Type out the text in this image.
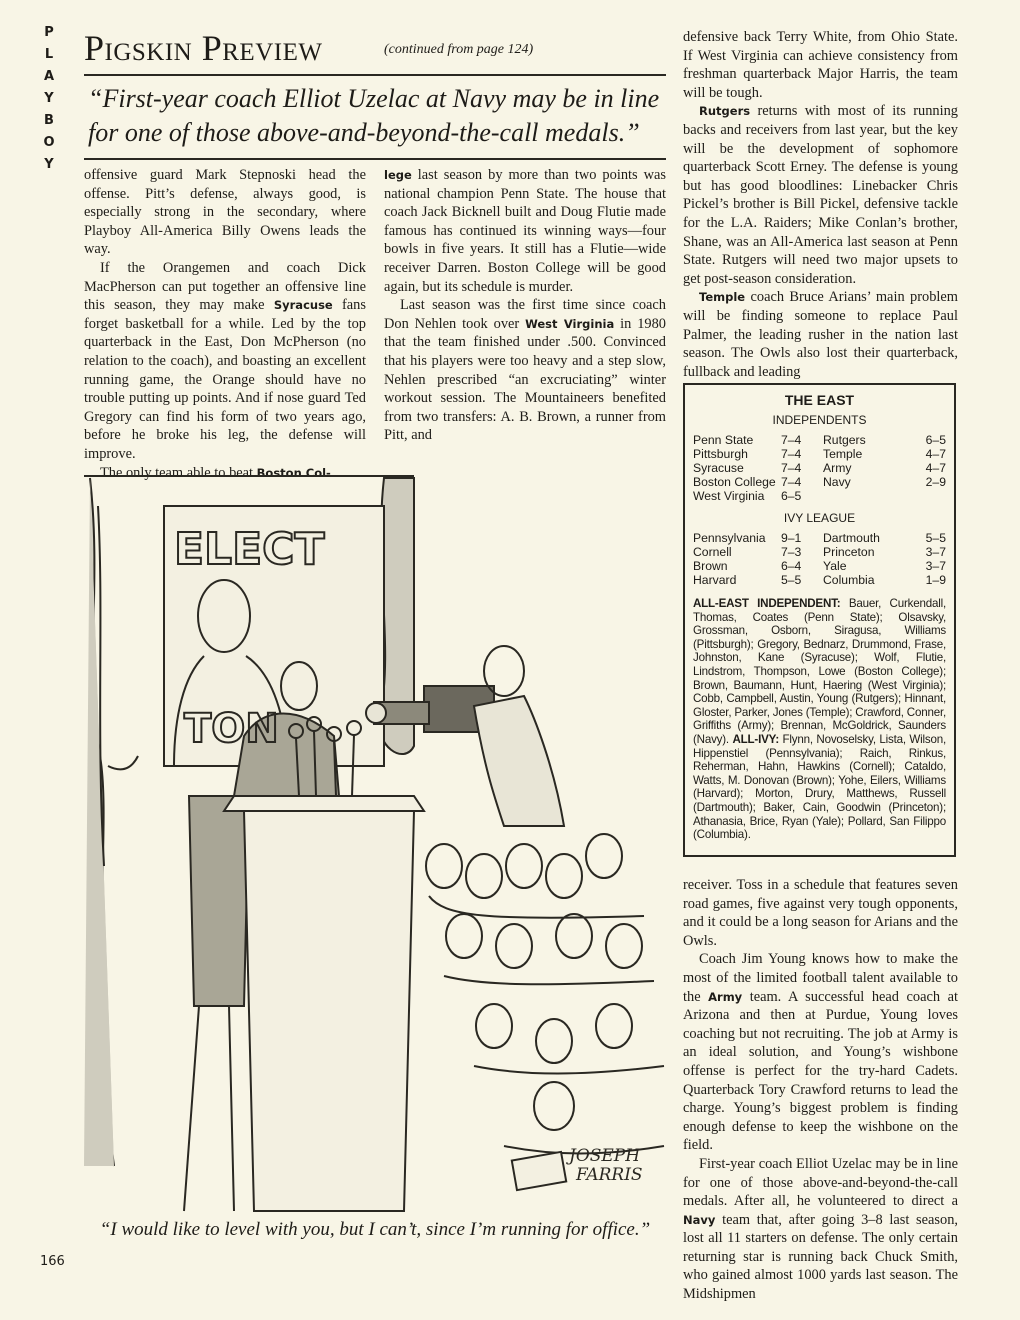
P
L
A
Y
B
O
Y
Pigskin Preview	(continued from page 124)

“First-year coach Elliot Uzelac at Navy may be in line for one of those above-and-beyond-the-call medals.”

offensive guard Mark Stepnoski head the offense. Pitt’s defense, always good, is especially strong in the secondary, where Playboy All-America Billy Owens leads the way.

If the Orangemen and coach Dick MacPherson can put together an offensive line this season, they may make Syracuse fans forget basketball for a while. Led by the top quarterback in the East, Don McPherson (no relation to the coach), and boasting an excellent running game, the Orange should have no trouble putting up points. And if nose guard Ted Gregory can find his form of two years ago, before he broke his leg, the defense will improve.

The only team able to beat Boston Col-

lege last season by more than two points was national champion Penn State. The house that coach Jack Bicknell built and Doug Flutie made famous has continued its winning ways—four bowls in five years. It still has a Flutie—wide receiver Darren. Boston College will be good again, but its schedule is murder.

Last season was the first time since coach Don Nehlen took over West Virginia in 1980 that the team finished under .500. Convinced that his players were too heavy and a step slow, Nehlen prescribed “an excruciating” winter workout session. The Mountaineers benefited from two transfers: A. B. Brown, a runner from Pitt, and

defensive back Terry White, from Ohio State. If West Virginia can achieve consistency from freshman quarterback Major Harris, the team will be tough.

Rutgers returns with most of its running backs and receivers from last year, but the key will be the development of sophomore quarterback Scott Erney. The defense is young but has good bloodlines: Linebacker Chris Pickel’s brother is Bill Pickel, defensive tackle for the L.A. Raiders; Mike Conlan’s brother, Shane, was an All-America last season at Penn State. Rutgers will need two major upsets to get post-season consideration.

Temple coach Bruce Arians’ main problem will be finding someone to replace Paul Palmer, the leading rusher in the nation last season. The Owls also lost their quarterback, fullback and leading

THE EAST
INDEPENDENTS
Penn State	7–4	Rutgers	6–5
Pittsburgh	7–4	Temple	4–7
Syracuse	7–4	Army	4–7
Boston College 7–4	Navy	2–9
West Virginia	6–5
IVY LEAGUE
Pennsylvania	9–1	Dartmouth	5–5
Cornell	7–3	Princeton	3–7
Brown	6–4	Yale	3–7
Harvard	5–5	Columbia	1–9
ALL-EAST INDEPENDENT: Bauer, Curkendall, Thomas, Coates (Penn State); Olsavsky, Grossman, Osborn, Siragusa, Williams (Pittsburgh); Gregory, Bednarz, Drummond, Frase, Johnston, Kane (Syracuse); Wolf, Flutie, Lindstrom, Thompson, Lowe (Boston College); Brown, Baumann, Hunt, Haering (West Virginia); Cobb, Campbell, Austin, Young (Rutgers); Hinnant, Gloster, Parker, Jones (Temple); Crawford, Conner, Griffiths (Army); Brennan, McGoldrick, Saunders (Navy). ALL-IVY: Flynn, Novoselsky, Lista, Wilson, Hippenstiel (Pennsylvania); Raich, Rinkus, Reherman, Hahn, Hawkins (Cornell); Cataldo, Watts, M. Donovan (Brown); Yohe, Eilers, Williams (Harvard); Morton, Drury, Matthews, Russell (Dartmouth); Baker, Cain, Goodwin (Princeton); Athanasia, Brice, Ryan (Yale); Pollard, San Filippo (Columbia).

receiver. Toss in a schedule that features seven road games, five against very tough opponents, and it could be a long season for Arians and the Owls.

Coach Jim Young knows how to make the most of the limited football talent available to the Army team. A successful head coach at Arizona and then at Purdue, Young loves coaching but not recruiting. The job at Army is an ideal solution, and Young’s wishbone offense is perfect for the try-hard Cadets. Quarterback Tory Crawford returns to lead the charge. Young’s biggest problem is finding enough defense to keep the wishbone on the field.

First-year coach Elliot Uzelac may be in line for one of those above-and-beyond-the-call medals. After all, he volunteered to direct a Navy team that, after going 3–8 last season, lost all 11 starters on defense. The only certain returning star is running back Chuck Smith, who gained almost 1000 yards last season. The Midshipmen

ELECT
TON
JOSEPH
FARRIS
“I would like to level with you, but I can’t, since I’m running for office.”
166
